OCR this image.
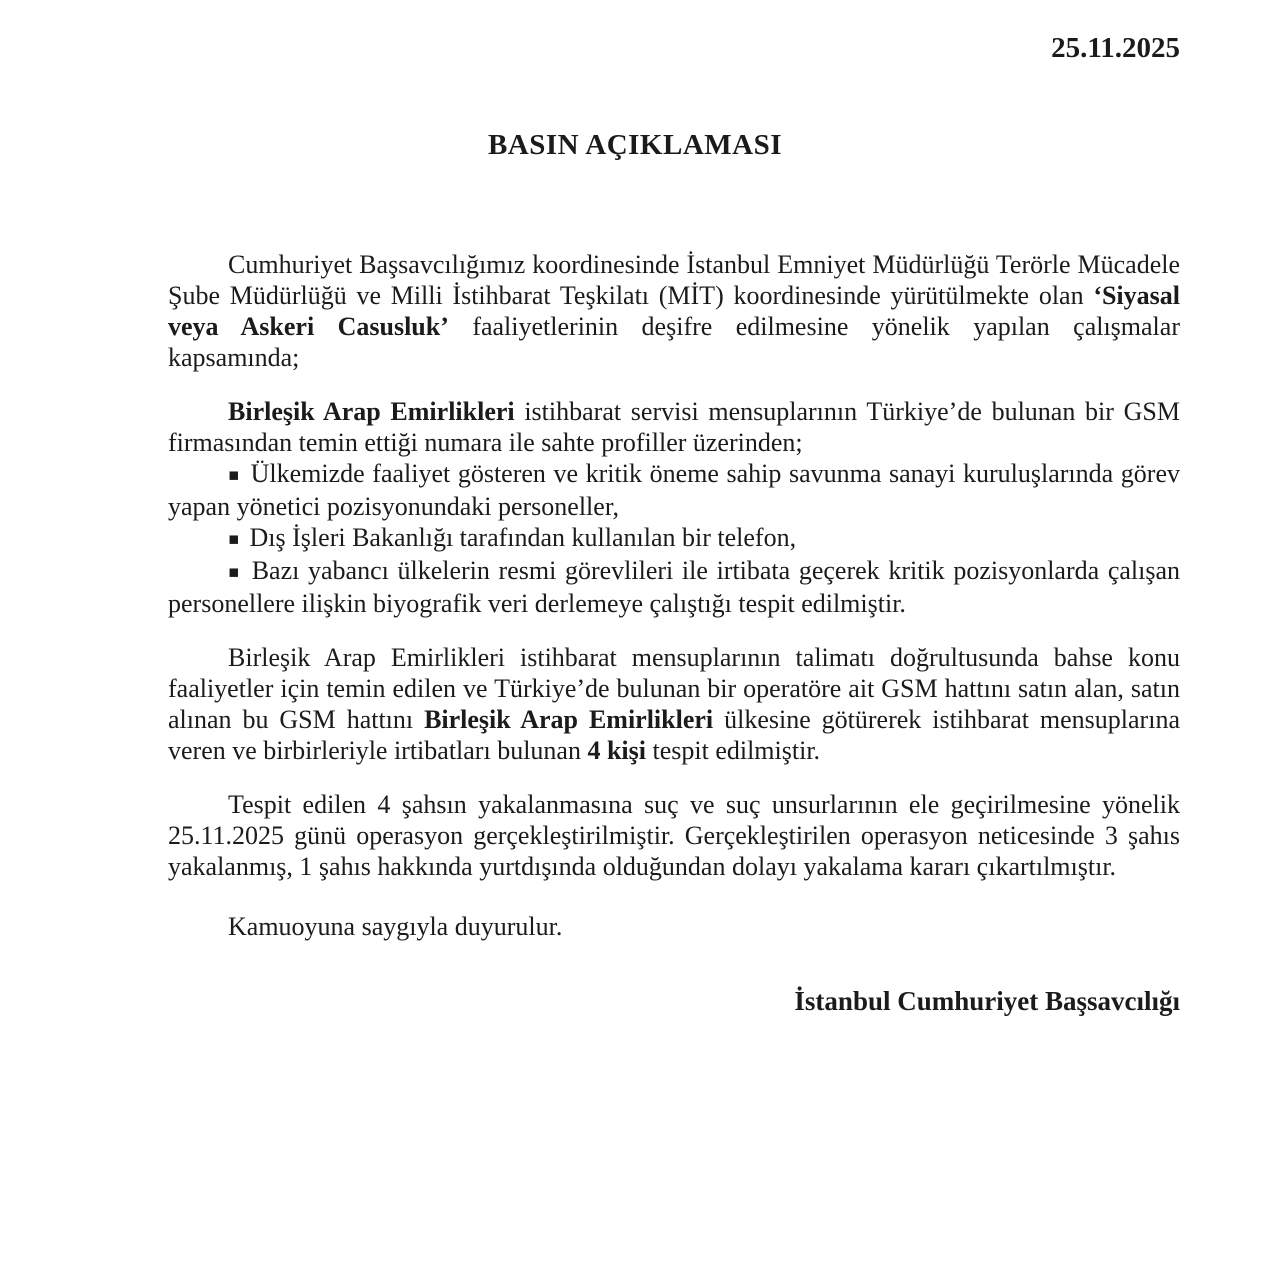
25.11.2025
BASIN AÇIKLAMASI

Cumhuriyet Başsavcılığımız koordinesinde İstanbul Emniyet Müdürlüğü Terörle Mücadele Şube Müdürlüğü ve Milli İstihbarat Teşkilatı (MİT) koordinesinde yürütülmekte olan ‘Siyasal veya Askeri Casusluk’ faaliyetlerinin deşifre edilmesine yönelik yapılan çalışmalar kapsamında;

Birleşik Arap Emirlikleri istihbarat servisi mensuplarının Türkiye’de bulunan bir GSM firmasından temin ettiği numara ile sahte profiller üzerinden;

▪ Ülkemizde faaliyet gösteren ve kritik öneme sahip savunma sanayi kuruluşlarında görev yapan yönetici pozisyonundaki personeller,

▪ Dış İşleri Bakanlığı tarafından kullanılan bir telefon,

▪ Bazı yabancı ülkelerin resmi görevlileri ile irtibata geçerek kritik pozisyonlarda çalışan personellere ilişkin biyografik veri derlemeye çalıştığı tespit edilmiştir.

Birleşik Arap Emirlikleri istihbarat mensuplarının talimatı doğrultusunda bahse konu faaliyetler için temin edilen ve Türkiye’de bulunan bir operatöre ait GSM hattını satın alan, satın alınan bu GSM hattını Birleşik Arap Emirlikleri ülkesine götürerek istihbarat mensuplarına veren ve birbirleriyle irtibatları bulunan 4 kişi tespit edilmiştir.

Tespit edilen 4 şahsın yakalanmasına suç ve suç unsurlarının ele geçirilmesine yönelik 25.11.2025 günü operasyon gerçekleştirilmiştir. Gerçekleştirilen operasyon neticesinde 3 şahıs yakalanmış, 1 şahıs hakkında yurtdışında olduğundan dolayı yakalama kararı çıkartılmıştır.

Kamuoyuna saygıyla duyurulur.

İstanbul Cumhuriyet Başsavcılığı
